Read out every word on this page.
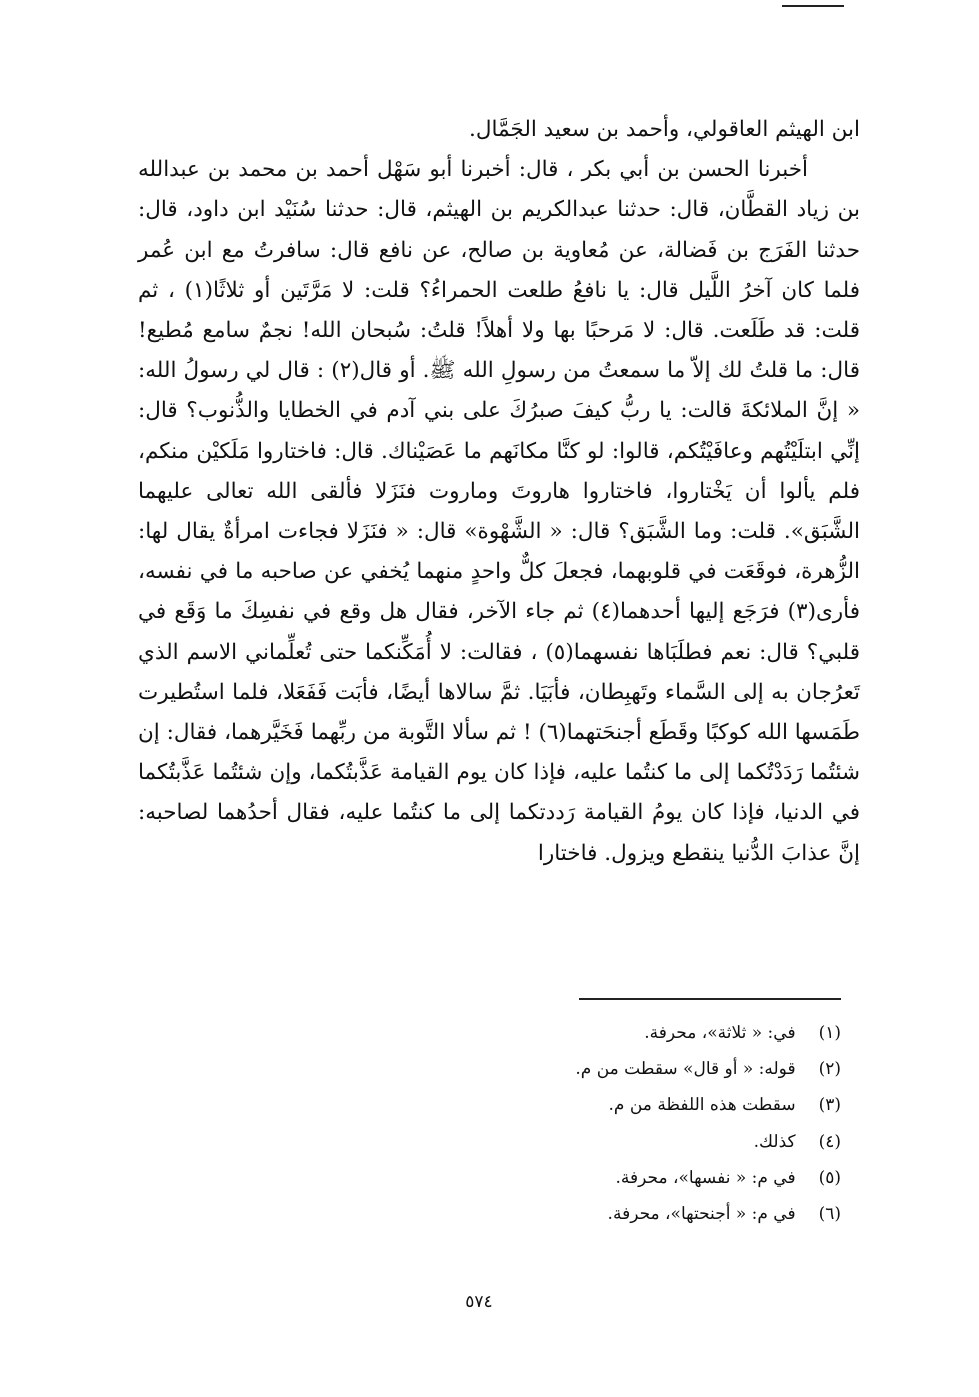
ابن الهيثم العاقولي، وأحمد بن سعيد الجَمَّال.

أخبرنا الحسن بن أبي بكر ، قال: أخبرنا أبو سَهْل أحمد بن محمد بن عبدالله بن زياد القطَّان، قال: حدثنا عبدالكريم بن الهيثم، قال: حدثنا سُنَيْد ابن داود، قال: حدثنا الفَرَج بن فَضالة، عن مُعاوية بن صالح، عن نافع قال: سافرتُ مع ابن عُمر فلما كان آخرُ اللَّيل قال: يا نافعُ طلعت الحمراءُ؟ قلت: لا مَرَّتَين أو ثلاثًا(١) ، ثم قلت: قد طَلَعت. قال: لا مَرحبًا بها ولا أهلاً! قلتُ: سُبحان الله! نجمٌ سامع مُطيع! قال: ما قلتُ لك إلاّ ما سمعتُ من رسولِ الله ﷺ. أو قال(٢) : قال لي رسولُ الله: « إنَّ الملائكةَ قالت: يا ربُّ كيفَ صبرُكَ على بني آدم في الخطايا والذُّنوب؟ قال: إنِّي ابتلَيْتُهم وعافَيْتُكم، قالوا: لو كنَّا مكانَهم ما عَصَيْناك. قال: فاختاروا مَلَكيْن منكم، فلم يألوا أن يَخْتاروا، فاختاروا هاروتَ وماروت فنَزَلا فألقى الله تعالى عليهما الشَّبَق». قلت: وما الشَّبَق؟ قال: « الشَّهْوة» قال: « فنَزَلا فجاءت امرأةٌ يقال لها: الزُّهرة، فوقَعَت في قلوبهما، فجعلَ كلٌّ واحدٍ منهما يُخفي عن صاحبه ما في نفسه، فأرى(٣) فرَجَع إليها أحدهما(٤) ثم جاء الآخر، فقال هل وقع في نفسِكَ ما وَقَع في قلبي؟ قال: نعم فطلَبَاها نفسهما(٥) ، فقالت: لا أُمَكِّنكما حتى تُعلِّماني الاسم الذي تَعرُجان به إلى السَّماء وتَهبِطان، فأبَيَا. ثمَّ سالاها أيضًا، فأبَت فَفَعَلا، فلما استُطيرت طَمَسها الله كوكبًا وقَطَع أجنحَتهما(٦) ! ثم سألا التَّوبة من ربِّهما فَخَيَّرهما، فقال: إن شئتُما رَدَدْتُكما إلى ما كنتُما عليه، فإذا كان يوم القيامة عَذَّبتُكما، وإن شئتُما عَذَّبتُكما في الدنيا، فإذا كان يومُ القيامة رَددتكما إلى ما كنتُما عليه، فقال أحدُهما لصاحبه: إنَّ عذابَ الدُّنيا ينقطع ويزول. فاختارا

(١) في: « ثلاثة»، محرفة.
(٢) قوله: « أو قال» سقطت من م.
(٣) سقطت هذه اللفظة من م.
(٤) كذلك.
(٥) في م: « نفسها»، محرفة.
(٦) في م: « أجنحتها»، محرفة.
٥٧٤
